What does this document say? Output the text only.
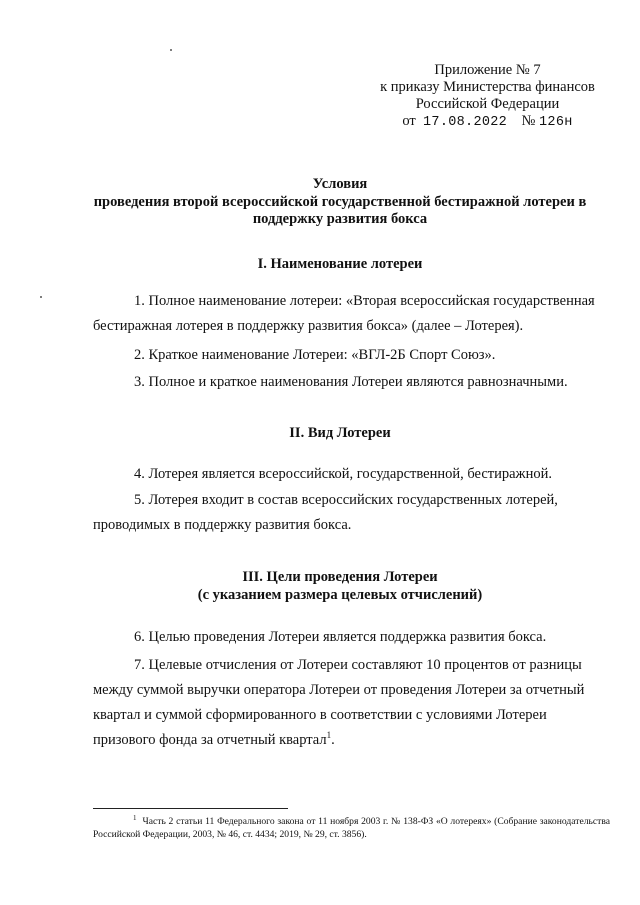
Приложение № 7
к приказу Министерства финансов
Российской Федерации
от 17.08.2022 № 126н
Условия
проведения второй всероссийской государственной бестиражной лотереи в
поддержку развития бокса
I. Наименование лотереи
1. Полное наименование лотереи: «Вторая всероссийская государственная
бестиражная лотерея в поддержку развития бокса» (далее – Лотерея).
2. Краткое наименование Лотереи: «ВГЛ-2Б Спорт Союз».
3. Полное и краткое наименования Лотереи являются равнозначными.
II. Вид Лотереи
4. Лотерея является всероссийской, государственной, бестиражной.
5. Лотерея входит в состав всероссийских государственных лотерей,
проводимых в поддержку развития бокса.
III. Цели проведения Лотереи
(с указанием размера целевых отчислений)
6. Целью проведения Лотереи является поддержка развития бокса.
7. Целевые отчисления от Лотереи составляют 10 процентов от разницы
между суммой выручки оператора Лотереи от проведения Лотереи за отчетный
квартал и суммой сформированного в соответствии с условиями Лотереи
призового фонда за отчетный квартал$^1$.
$^1$ Часть 2 статьи 11 Федерального закона от 11 ноября 2003 г. № 138-ФЗ «О лотереях» (Собрание законодательства Российской Федерации, 2003, № 46, ст. 4434; 2019, № 29, ст. 3856).
